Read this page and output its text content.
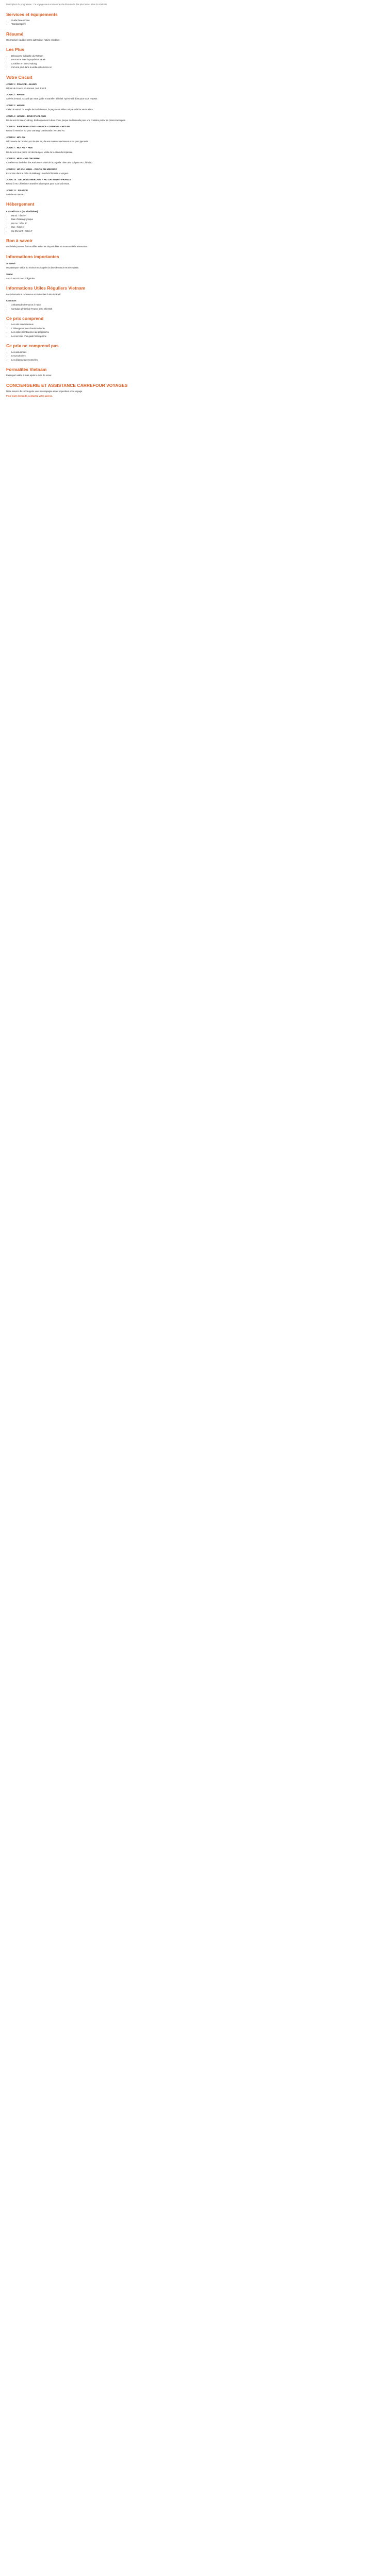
Description du programme : Ce voyage vous emmènera à la découverte des plus beaux sites du Vietnam.

Services et équipements
• Guide francophone
• Transport privé
Résumé

Un itinéraire équilibré entre patrimoine, nature et culture.

Les Plus
• Découverte culturelle du Vietnam
• Rencontre avec la population locale
• Croisière en baie d'Halong
• Circuit à pied dans la vieille ville de Hoi An
Votre Circuit
JOUR 1 : FRANCE – HANOI

Départ de France pour Hanoi. Nuit à bord.

JOUR 2 : HANOI

Arrivée à Hanoi. Accueil par votre guide et transfert à l'hôtel. Après-midi libre pour vous reposer.

JOUR 3 : HANOI

Visite de Hanoi : le temple de la Littérature, la pagode au Pilier Unique et le lac Hoan Kiem.

JOUR 4 : HANOI – BAIE D'HALONG

Route vers la baie d'Halong. Embarquement à bord d'une jonque traditionnelle pour une croisière parmi les pitons karstiques.

JOUR 5 : BAIE D'HALONG – HANOI – DANANG – HOI AN

Retour à Hanoi et vol pour Danang. Continuation vers Hoi An.

JOUR 6 : HOI AN

Découverte de l'ancien port de Hoi An, de ses maisons anciennes et du pont japonais.

JOUR 7 : HOI AN – HUE

Route vers Hue par le col des Nuages. Visite de la citadelle impériale.

JOUR 8 : HUE – HO CHI MINH

Croisière sur la rivière des Parfums et visite de la pagode Thien Mu. Vol pour Ho Chi Minh.

JOUR 9 : HO CHI MINH – DELTA DU MEKONG

Excursion dans le delta du Mékong : marchés flottants et vergers.

JOUR 10 : DELTA DU MEKONG – HO CHI MINH – FRANCE

Retour à Ho Chi Minh et transfert à l'aéroport pour votre vol retour.

JOUR 11 : FRANCE

Arrivée en France.

Hébergement
LES HÔTELS (ou similaires)
• Hanoi : hôtel 4*
• Baie d'Halong : jonque
• Hoi An : hôtel 4*
• Hue : hôtel 4*
• Ho Chi Minh : hôtel 4*
Bon à savoir

Les hôtels peuvent être modifiés selon les disponibilités au moment de la réservation.

Informations importantes
À savoir

Un passeport valide au moins 6 mois après la date de retour est nécessaire.

Santé

Aucun vaccin n'est obligatoire.

Informations Utiles Réguliers Vietnam

Les informations ci-dessous sont données à titre indicatif.

Contacts
• Ambassade de France à Hanoi
• Consulat général de France à Ho Chi Minh
Ce prix comprend
• Les vols internationaux
• L'hébergement en chambre double
• Les visites mentionnées au programme
• Les services d'un guide francophone
Ce prix ne comprend pas
• Les assurances
• Les pourboires
• Les dépenses personnelles
Formalités Vietnam

Passeport valide 6 mois après la date de retour.

CONCIERGERIE ET ASSISTANCE CARREFOUR VOYAGES

Notre service de conciergerie vous accompagne avant et pendant votre voyage.

Pour toute demande, contactez votre agence.
